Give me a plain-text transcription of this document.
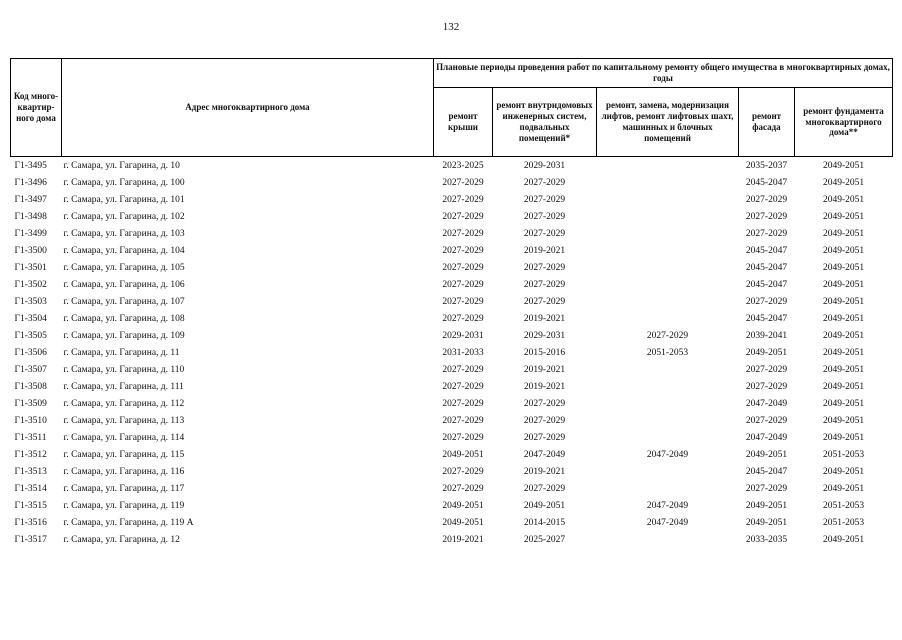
132
Код много-квартир-ного дома	Адрес многоквартирного дома	Плановые периоды проведения работ по капитальному ремонту общего имущества в многоквартирных домах, годы				
		ремонт крыши	ремонт внутридомовых инженерных систем, подвальных помещений*	ремонт, замена, модернизация лифтов, ремонт лифтовых шахт, машинных и блочных помещений	ремонт фасада	ремонт фундамента многоквартирного дома**
Г1-3495	г. Самара, ул. Гагарина, д. 10	2023-2025	2029-2031		2035-2037	2049-2051
Г1-3496	г. Самара, ул. Гагарина, д. 100	2027-2029	2027-2029		2045-2047	2049-2051
Г1-3497	г. Самара, ул. Гагарина, д. 101	2027-2029	2027-2029		2027-2029	2049-2051
Г1-3498	г. Самара, ул. Гагарина, д. 102	2027-2029	2027-2029		2027-2029	2049-2051
Г1-3499	г. Самара, ул. Гагарина, д. 103	2027-2029	2027-2029		2027-2029	2049-2051
Г1-3500	г. Самара, ул. Гагарина, д. 104	2027-2029	2019-2021		2045-2047	2049-2051
Г1-3501	г. Самара, ул. Гагарина, д. 105	2027-2029	2027-2029		2045-2047	2049-2051
Г1-3502	г. Самара, ул. Гагарина, д. 106	2027-2029	2027-2029		2045-2047	2049-2051
Г1-3503	г. Самара, ул. Гагарина, д. 107	2027-2029	2027-2029		2027-2029	2049-2051
Г1-3504	г. Самара, ул. Гагарина, д. 108	2027-2029	2019-2021		2045-2047	2049-2051
Г1-3505	г. Самара, ул. Гагарина, д. 109	2029-2031	2029-2031	2027-2029	2039-2041	2049-2051
Г1-3506	г. Самара, ул. Гагарина, д. 11	2031-2033	2015-2016	2051-2053	2049-2051	2049-2051
Г1-3507	г. Самара, ул. Гагарина, д. 110	2027-2029	2019-2021		2027-2029	2049-2051
Г1-3508	г. Самара, ул. Гагарина, д. 111	2027-2029	2019-2021		2027-2029	2049-2051
Г1-3509	г. Самара, ул. Гагарина, д. 112	2027-2029	2027-2029		2047-2049	2049-2051
Г1-3510	г. Самара, ул. Гагарина, д. 113	2027-2029	2027-2029		2027-2029	2049-2051
Г1-3511	г. Самара, ул. Гагарина, д. 114	2027-2029	2027-2029		2047-2049	2049-2051
Г1-3512	г. Самара, ул. Гагарина, д. 115	2049-2051	2047-2049	2047-2049	2049-2051	2051-2053
Г1-3513	г. Самара, ул. Гагарина, д. 116	2027-2029	2019-2021		2045-2047	2049-2051
Г1-3514	г. Самара, ул. Гагарина, д. 117	2027-2029	2027-2029		2027-2029	2049-2051
Г1-3515	г. Самара, ул. Гагарина, д. 119	2049-2051	2049-2051	2047-2049	2049-2051	2051-2053
Г1-3516	г. Самара, ул. Гагарина, д. 119 А	2049-2051	2014-2015	2047-2049	2049-2051	2051-2053
Г1-3517	г. Самара, ул. Гагарина, д. 12	2019-2021	2025-2027		2033-2035	2049-2051
